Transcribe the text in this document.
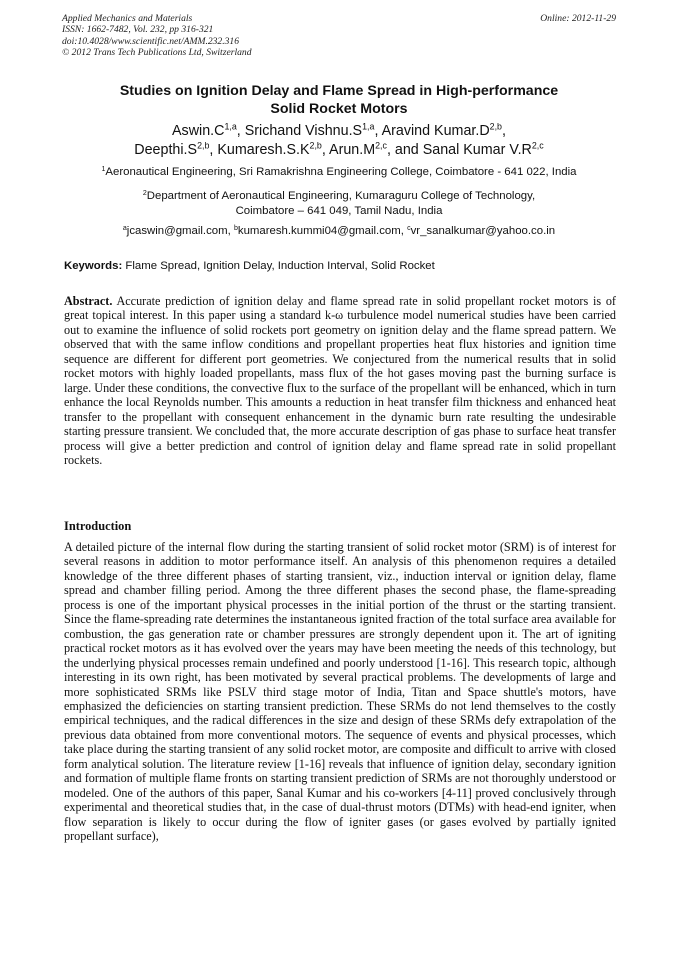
Applied Mechanics and Materials
ISSN: 1662-7482, Vol. 232, pp 316-321
doi:10.4028/www.scientific.net/AMM.232.316
© 2012 Trans Tech Publications Ltd, Switzerland
Online: 2012-11-29
Studies on Ignition Delay and Flame Spread in High-performance
Solid Rocket Motors
$Aswin.C^{1,a}$, Srichand $Vishnu.S^{1,a}$, Aravind $Kumar.D^{2,b}$,
$Deepthi.S^{2,b}$, $Kumaresh.S.K^{2,b}$, $Arun.M^{2,c}$, and Sanal Kumar $V.R^{2,c}$
$^1$Aeronautical Engineering, Sri Ramakrishna Engineering College, Coimbatore - 641 022, India
$^2$Department of Aeronautical Engineering, Kumaraguru College of Technology,
Coimbatore – 641 049, Tamil Nadu, India
$^a$jcaswin@gmail.com, $^b$kumaresh.kummi04@gmail.com, $^c$vr_sanalkumar@yahoo.co.in
Keywords: Flame Spread, Ignition Delay, Induction Interval, Solid Rocket
Abstract. Accurate prediction of ignition delay and flame spread rate in solid propellant rocket motors is of great topical interest. In this paper using a standard k-ω turbulence model numerical studies have been carried out to examine the influence of solid rockets port geometry on ignition delay and the flame spread pattern. We observed that with the same inflow conditions and propellant properties heat flux histories and ignition time sequence are different for different port geometries. We conjectured from the numerical results that in solid rocket motors with highly loaded propellants, mass flux of the hot gases moving past the burning surface is large. Under these conditions, the convective flux to the surface of the propellant will be enhanced, which in turn enhance the local Reynolds number. This amounts a reduction in heat transfer film thickness and enhanced heat transfer to the propellant with consequent enhancement in the dynamic burn rate resulting the undesirable starting pressure transient. We concluded that, the more accurate description of gas phase to surface heat transfer process will give a better prediction and control of ignition delay and flame spread rate in solid propellant rockets.
Introduction
A detailed picture of the internal flow during the starting transient of solid rocket motor (SRM) is of interest for several reasons in addition to motor performance itself. An analysis of this phenomenon requires a detailed knowledge of the three different phases of starting transient, viz., induction interval or ignition delay, flame spread and chamber filling period. Among the three different phases the second phase, the flame-spreading process is one of the important physical processes in the initial portion of the thrust or the starting transient. Since the flame-spreading rate determines the instantaneous ignited fraction of the total surface area available for combustion, the gas generation rate or chamber pressures are strongly dependent upon it. The art of igniting practical rocket motors as it has evolved over the years may have been meeting the needs of this technology, but the underlying physical processes remain undefined and poorly understood [1-16]. This research topic, although interesting in its own right, has been motivated by several practical problems. The developments of large and more sophisticated SRMs like PSLV third stage motor of India, Titan and Space shuttle's motors, have emphasized the deficiencies on starting transient prediction. These SRMs do not lend themselves to the costly empirical techniques, and the radical differences in the size and design of these SRMs defy extrapolation of the previous data obtained from more conventional motors. The sequence of events and physical processes, which take place during the starting transient of any solid rocket motor, are composite and difficult to arrive with closed form analytical solution. The literature review [1-16] reveals that influence of ignition delay, secondary ignition and formation of multiple flame fronts on starting transient prediction of SRMs are not thoroughly understood or modeled. One of the authors of this paper, Sanal Kumar and his co-workers [4-11] proved conclusively through experimental and theoretical studies that, in the case of dual-thrust motors (DTMs) with head-end igniter, when flow separation is likely to occur during the flow of igniter gases (or gases evolved by partially ignited propellant surface),
